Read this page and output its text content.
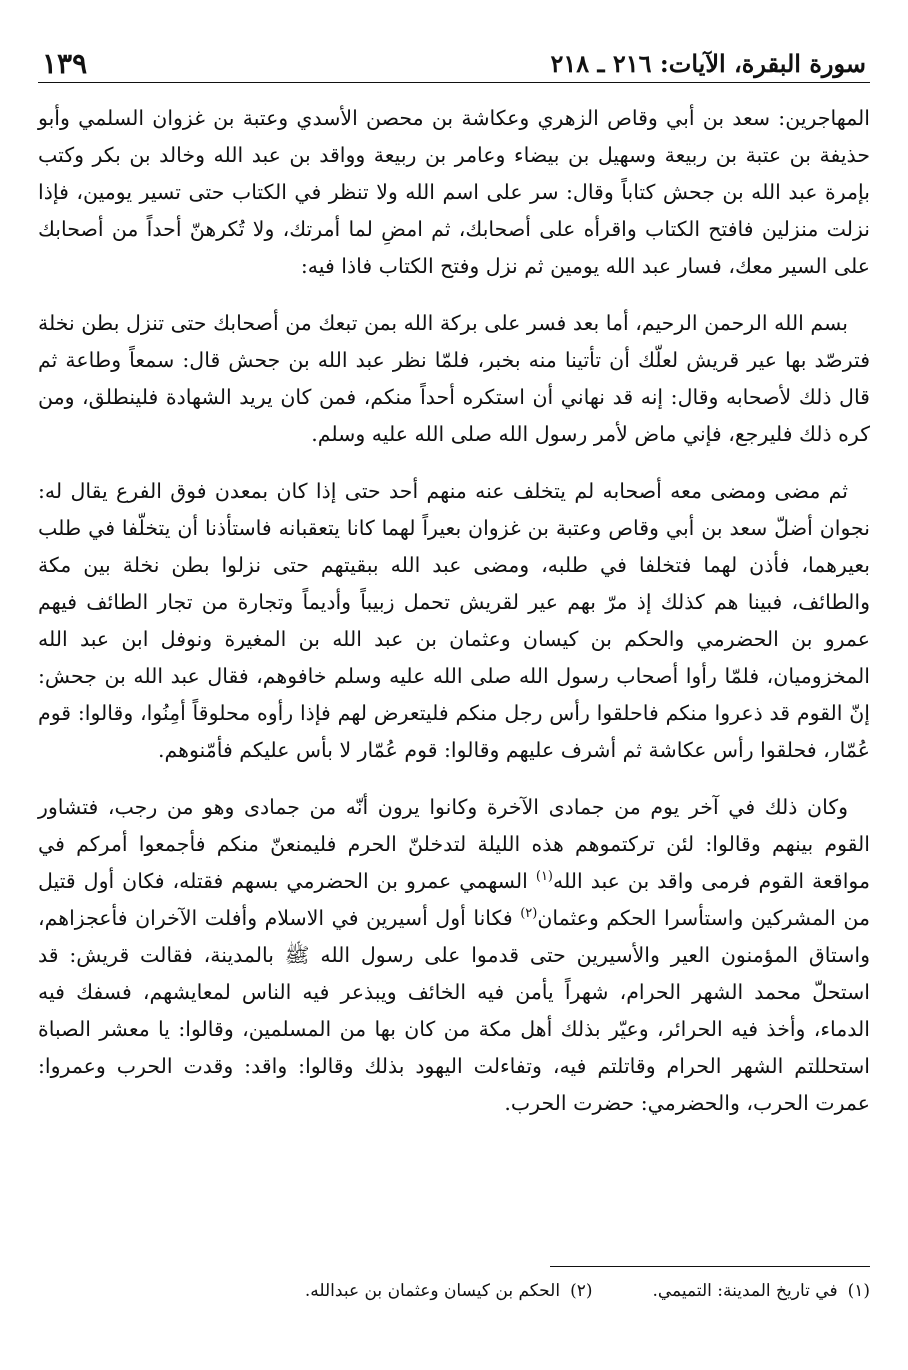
١٣٩	سورة البقرة، الآيات: ٢١٦ ـ ٢١٨

المهاجرين: سعد بن أبي وقاص الزهري وعكاشة بن محصن الأسدي وعتبة بن غزوان السلمي وأبو حذيفة بن عتبة بن ربيعة وسهيل بن بيضاء وعامر بن ربيعة وواقد بن عبد الله وخالد بن بكر وكتب بإمرة عبد الله بن جحش كتاباً وقال: سر على اسم الله ولا تنظر في الكتاب حتى تسير يومين، فإذا نزلت منزلين فافتح الكتاب واقرأه على أصحابك، ثم امضِ لما أمرتك، ولا تُكرهنّ أحداً من أصحابك على السير معك، فسار عبد الله يومين ثم نزل وفتح الكتاب فاذا فيه:

بسم الله الرحمن الرحيم، أما بعد فسر على بركة الله بمن تبعك من أصحابك حتى تنزل بطن نخلة فترصّد بها عير قريش لعلّك أن تأتينا منه بخبر، فلمّا نظر عبد الله بن جحش قال: سمعاً وطاعة ثم قال ذلك لأصحابه وقال: إنه قد نهاني أن استكره أحداً منكم، فمن كان يريد الشهادة فلينطلق، ومن كره ذلك فليرجع، فإني ماض لأمر رسول الله صلى الله عليه وسلم.

ثم مضى ومضى معه أصحابه لم يتخلف عنه منهم أحد حتى إذا كان بمعدن فوق الفرع يقال له: نجوان أضلّ سعد بن أبي وقاص وعتبة بن غزوان بعيراً لهما كانا يتعقبانه فاستأذنا أن يتخلّفا في طلب بعيرهما، فأذن لهما فتخلفا في طلبه، ومضى عبد الله ببقيتهم حتى نزلوا بطن نخلة بين مكة والطائف، فبينا هم كذلك إذ مرّ بهم عير لقريش تحمل زبيباً وأديماً وتجارة من تجار الطائف فيهم عمرو بن الحضرمي والحكم بن كيسان وعثمان بن عبد الله بن المغيرة ونوفل ابن عبد الله المخزوميان، فلمّا رأوا أصحاب رسول الله صلى الله عليه وسلم خافوهم، فقال عبد الله بن جحش: إنّ القوم قد ذعروا منكم فاحلقوا رأس رجل منكم فليتعرض لهم فإذا رأوه محلوقاً أمِنُوا، وقالوا: قوم عُمّار، فحلقوا رأس عكاشة ثم أشرف عليهم وقالوا: قوم عُمّار لا بأس عليكم فأمّنوهم.

وكان ذلك في آخر يوم من جمادى الآخرة وكانوا يرون أنّه من جمادى وهو من رجب، فتشاور القوم بينهم وقالوا: لئن تركتموهم هذه الليلة لتدخلنّ الحرم فليمنعنّ منكم فأجمعوا أمركم في مواقعة القوم فرمى واقد بن عبد الله$^{(١)}$ السهمي عمرو بن الحضرمي بسهم فقتله، فكان أول قتيل من المشركين واستأسرا الحكم وعثمان$^{(٢)}$ فكانا أول أسيرين في الاسلام وأفلت الآخران فأعجزاهم، واستاق المؤمنون العير والأسيرين حتى قدموا على رسول الله ﷺ بالمدينة، فقالت قريش: قد استحلّ محمد الشهر الحرام، شهراً يأمن فيه الخائف ويبذعر فيه الناس لمعايشهم، فسفك فيه الدماء، وأخذ فيه الحرائر، وعيّر بذلك أهل مكة من كان بها من المسلمين، وقالوا: يا معشر الصباة استحللتم الشهر الحرام وقاتلتم فيه، وتفاءلت اليهود بذلك وقالوا: واقد: وقدت الحرب وعمروا: عمرت الحرب، والحضرمي: حضرت الحرب.

(١)في تاريخ المدينة: التميمي.
(٢)الحكم بن كيسان وعثمان بن عبدالله.
